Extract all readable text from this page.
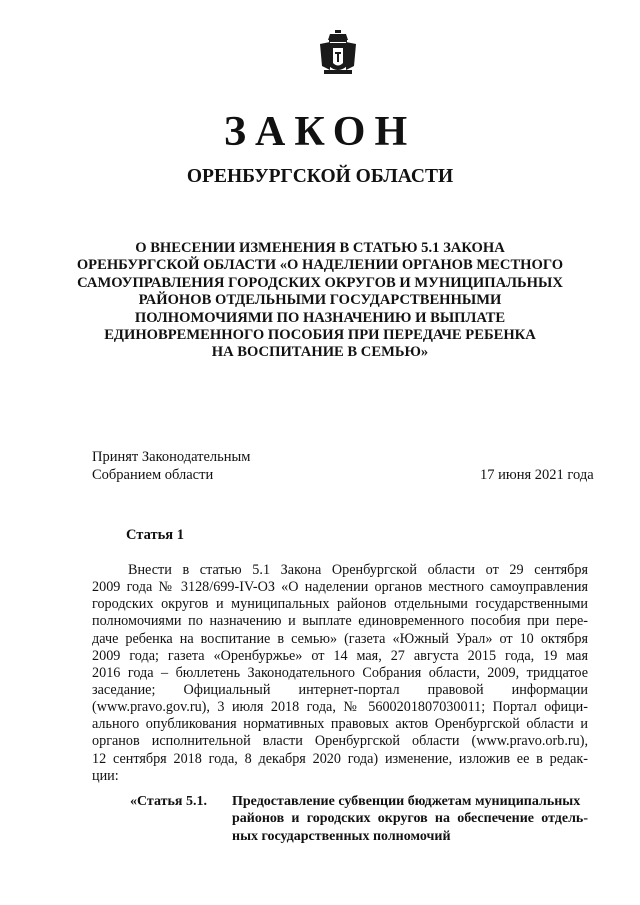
ЗАКОН
ОРЕНБУРГСКОЙ ОБЛАСТИ
О ВНЕСЕНИИ ИЗМЕНЕНИЯ В СТАТЬЮ 5.1 ЗАКОНА
ОРЕНБУРГСКОЙ ОБЛАСТИ «О НАДЕЛЕНИИ ОРГАНОВ МЕСТНОГО
САМОУПРАВЛЕНИЯ ГОРОДСКИХ ОКРУГОВ И МУНИЦИПАЛЬНЫХ
РАЙОНОВ ОТДЕЛЬНЫМИ ГОСУДАРСТВЕННЫМИ
ПОЛНОМОЧИЯМИ ПО НАЗНАЧЕНИЮ И ВЫПЛАТЕ
ЕДИНОВРЕМЕННОГО ПОСОБИЯ ПРИ ПЕРЕДАЧЕ РЕБЕНКА
НА ВОСПИТАНИЕ В СЕМЬЮ»
Принят Законодательным
Собранием области	17 июня 2021 года
Статья 1
Внести в статью 5.1 Закона Оренбургской области от 29 сентября
2009 года № 3128/699-IV-ОЗ «О наделении органов местного самоуправления
городских округов и муниципальных районов отдельными государственными
полномочиями по назначению и выплате единовременного пособия при пере-
даче ребенка на воспитание в семью» (газета «Южный Урал» от 10 октября
2009 года; газета «Оренбуржье» от 14 мая, 27 августа 2015 года, 19 мая
2016 года – бюллетень Законодательного Собрания области, 2009, тридцатое
заседание; Официальный интернет-портал правовой информации
(www.pravo.gov.ru), 3 июля 2018 года, № 5600201807030011; Портал офици-
ального опубликования нормативных правовых актов Оренбургской области и
органов исполнительной власти Оренбургской области (www.pravo.orb.ru),
12 сентября 2018 года, 8 декабря 2020 года) изменение, изложив ее в редак-
ции:
«Статья 5.1. Предоставление субвенции бюджетам муниципальных
районов и городских округов на обеспечение отдель-
ных государственных полномочий
